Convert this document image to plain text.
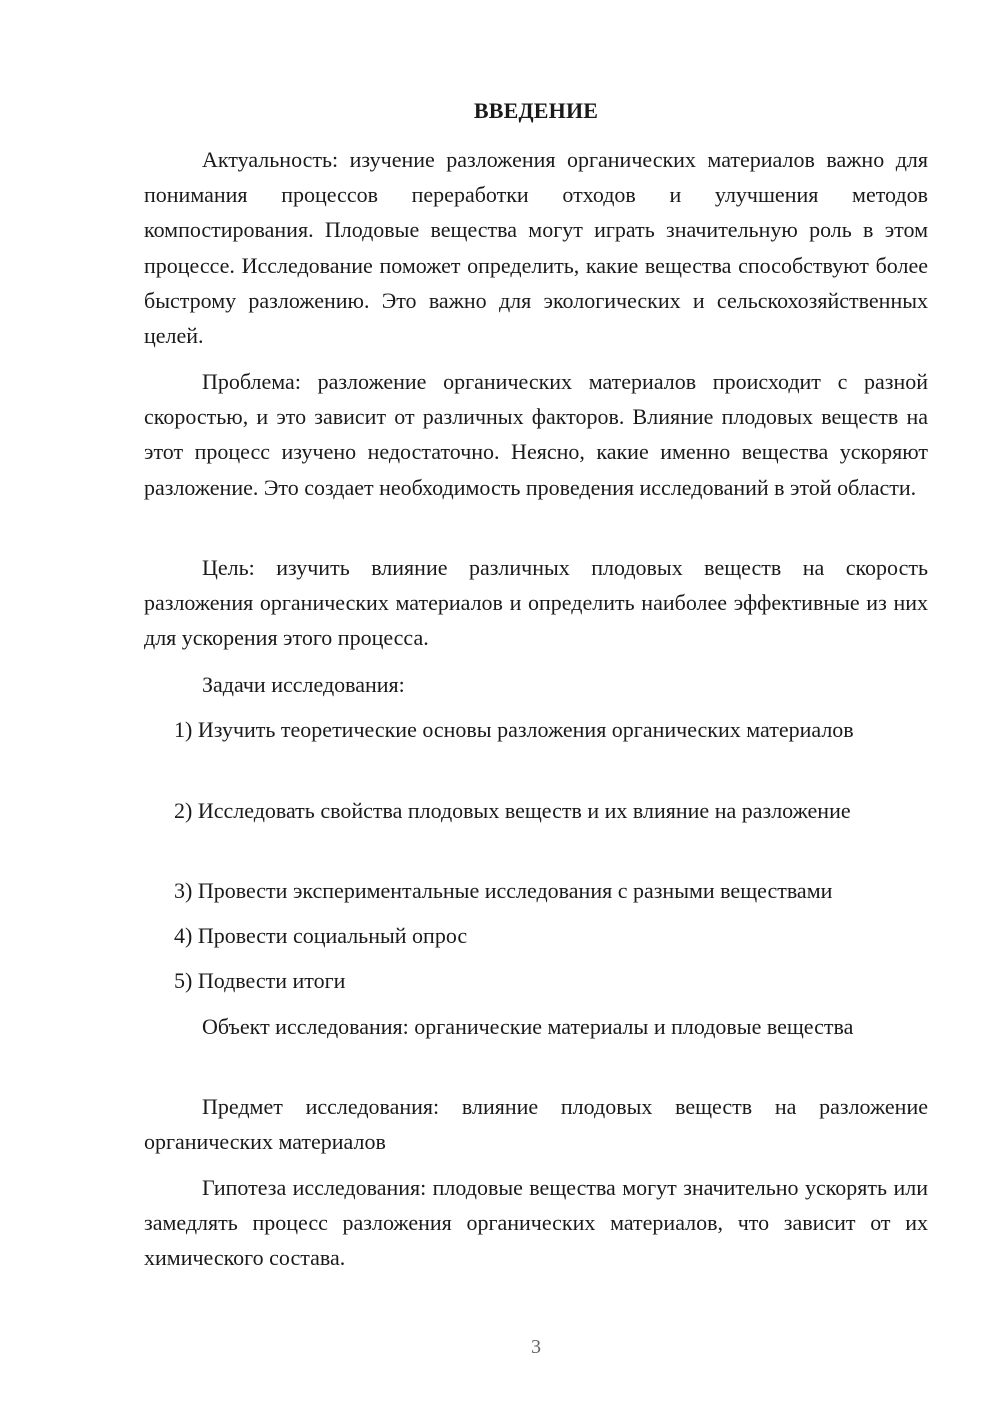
ВВЕДЕНИЕ

Актуальность: изучение разложения органических материалов важно для понимания процессов переработки отходов и улучшения методов компостирования. Плодовые вещества могут играть значительную роль в этом процессе. Исследование поможет определить, какие вещества способствуют более быстрому разложению. Это важно для экологических и сельскохозяйственных целей.

Проблема: разложение органических материалов происходит с разной скоростью, и это зависит от различных факторов. Влияние плодовых веществ на этот процесс изучено недостаточно. Неясно, какие именно вещества ускоряют разложение. Это создает необходимость проведения исследований в этой области.

Цель: изучить влияние различных плодовых веществ на скорость разложения органических материалов и определить наиболее эффективные из них для ускорения этого процесса.

Задачи исследования:

1) Изучить теоретические основы разложения органических материалов

2) Исследовать свойства плодовых веществ и их влияние на разложение

3) Провести экспериментальные исследования с разными веществами

4) Провести социальный опрос

5) Подвести итоги

Объект исследования: органические материалы и плодовые вещества

Предмет исследования: влияние плодовых веществ на разложение органических материалов

Гипотеза исследования: плодовые вещества могут значительно ускорять или замедлять процесс разложения органических материалов, что зависит от их химического состава.

3
